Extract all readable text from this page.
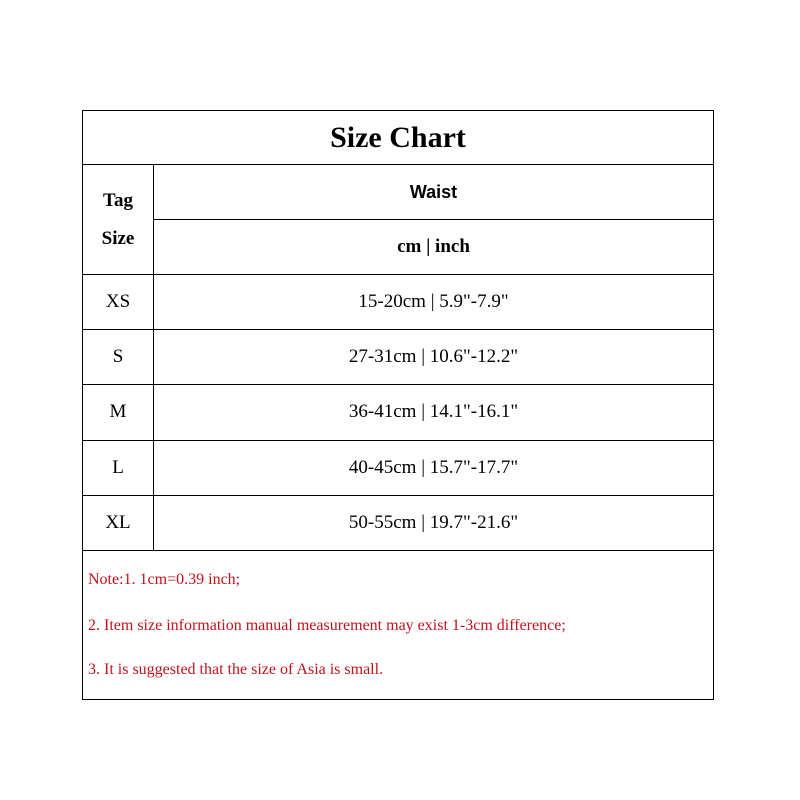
Size Chart
Tag
Size
Waist
cm | inch
XS	15-20cm | 5.9"-7.9"
S	27-31cm | 10.6"-12.2"
M	36-41cm | 14.1"-16.1"
L	40-45cm | 15.7"-17.7"
XL	50-55cm | 19.7"-21.6"
Note:1. 1cm=0.39 inch;
2. Item size information manual measurement may exist 1-3cm difference;
3. It is suggested that the size of Asia is small.
